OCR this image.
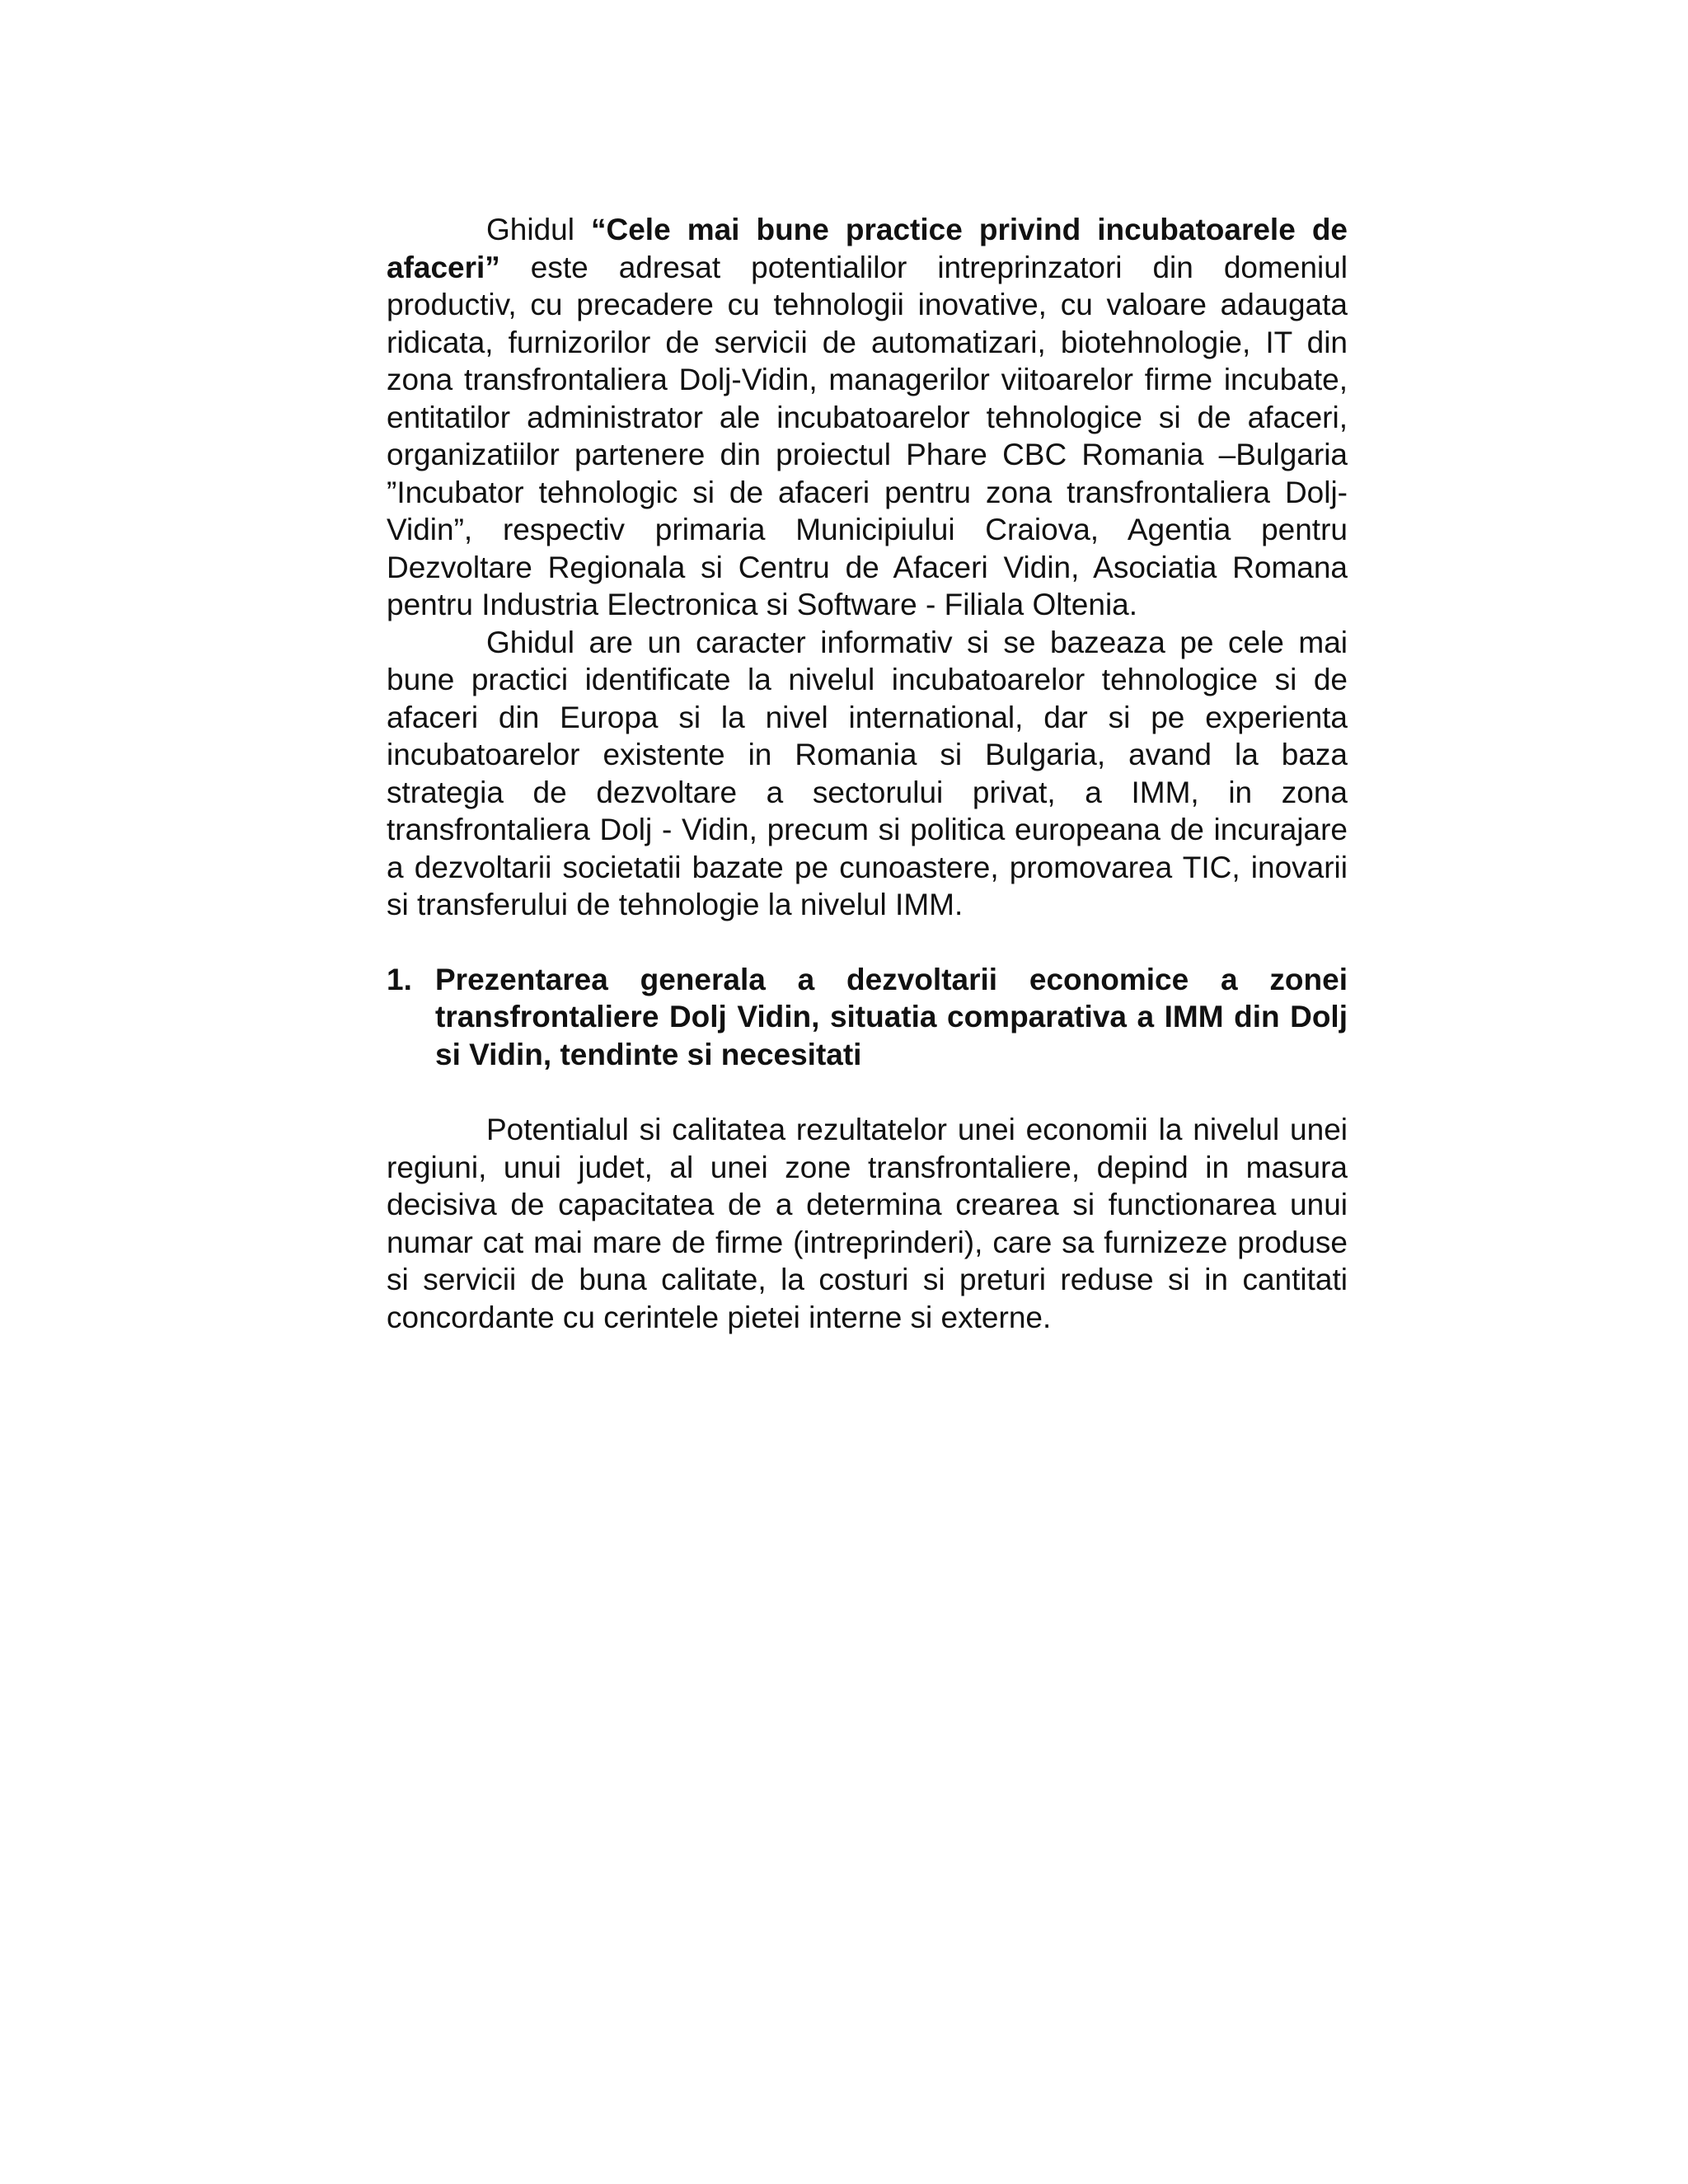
Ghidul “Cele mai bune practice privind incubatoarele de afaceri” este adresat potentialilor intreprinzatori din domeniul productiv, cu precadere cu tehnologii inovative, cu valoare adaugata ridicata, furnizorilor de servicii de automatizari, biotehnologie, IT din zona transfrontaliera Dolj-Vidin, managerilor viitoarelor firme incubate, entitatilor administrator ale incubatoarelor tehnologice si de afaceri, organizatiilor partenere din proiectul Phare CBC Romania –Bulgaria ”Incubator tehnologic si de afaceri pentru zona transfrontaliera Dolj-Vidin”, respectiv primaria Municipiului Craiova, Agentia pentru Dezvoltare Regionala si Centru de Afaceri Vidin, Asociatia Romana pentru Industria Electronica si Software - Filiala Oltenia.

Ghidul are un caracter informativ si se bazeaza pe cele mai bune practici identificate la nivelul incubatoarelor tehnologice si de afaceri din Europa si la nivel international, dar si pe experienta incubatoarelor existente in Romania si Bulgaria, avand la baza strategia de dezvoltare a sectorului privat, a IMM, in zona transfrontaliera Dolj - Vidin, precum si politica europeana de incurajare a dezvoltarii societatii bazate pe cunoastere, promovarea TIC, inovarii si transferului de tehnologie la nivelul IMM.

1. Prezentarea generala a dezvoltarii economice a zonei transfrontaliere Dolj Vidin, situatia comparativa a IMM din Dolj si Vidin, tendinte si necesitati

Potentialul si calitatea rezultatelor unei economii la nivelul unei regiuni, unui judet, al unei zone transfrontaliere, depind in masura decisiva de capacitatea de a determina crearea si functionarea unui numar cat mai mare de firme (intreprinderi), care sa furnizeze produse si servicii de buna calitate, la costuri si preturi reduse si in cantitati concordante cu cerintele pietei interne si externe.
